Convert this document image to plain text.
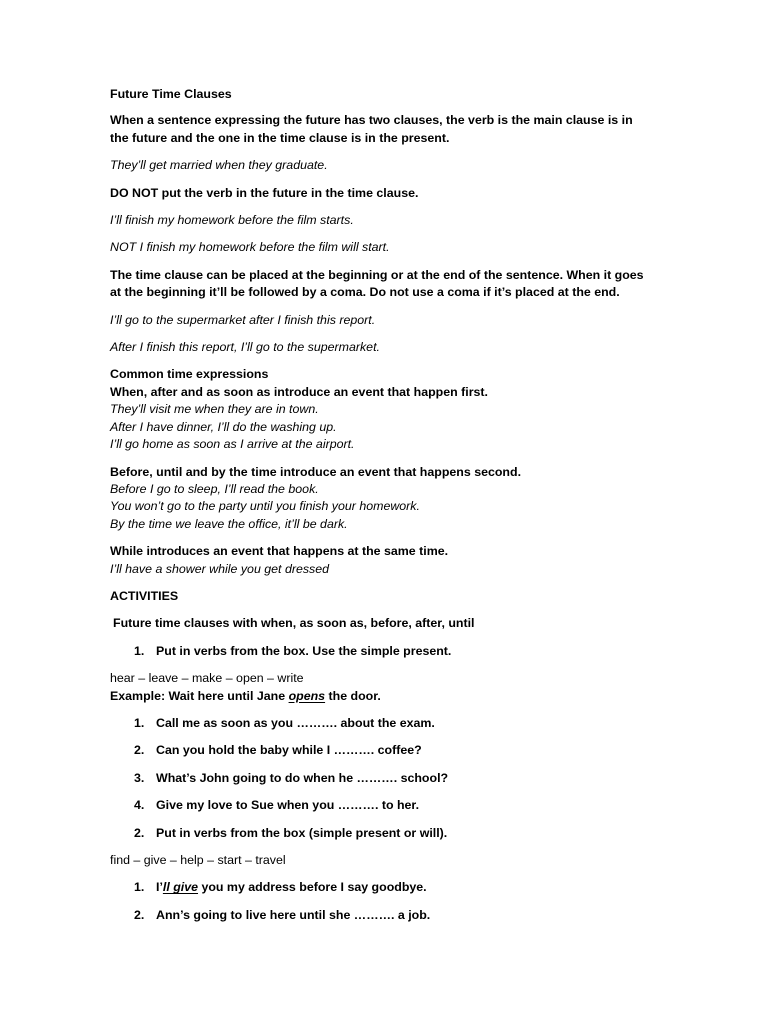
Future Time Clauses

When a sentence expressing the future has two clauses, the verb is the main clause is in the future and the one in the time clause is in the present.

They’ll get married when they graduate.

DO NOT put the verb in the future in the time clause.

I’ll finish my homework before the film starts.

NOT I finish my homework before the film will start.

The time clause can be placed at the beginning or at the end of the sentence. When it goes at the beginning it’ll be followed by a coma. Do not use a coma if it’s placed at the end.

I’ll go to the supermarket after I finish this report.

After I finish this report, I’ll go to the supermarket.

Common time expressions
When, after and as soon as introduce an event that happen first.
They’ll visit me when they are in town.
After I have dinner, I’ll do the washing up.
I’ll go home as soon as I arrive at the airport.

Before, until and by the time introduce an event that happens second.
Before I go to sleep, I’ll read the book.
You won’t go to the party until you finish your homework.
By the time we leave the office, it’ll be dark.

While introduces an event that happens at the same time.
I’ll have a shower while you get dressed

ACTIVITIES

Future time clauses with when, as soon as, before, after, until

1. Put in verbs from the box. Use the simple present.

hear – leave – make – open – write
Example: Wait here until Jane opens the door.

1. Call me as soon as you ………. about the exam.
2. Can you hold the baby while I ………. coffee?
3. What’s John going to do when he ………. school?
4. Give my love to Sue when you ………. to her.
2. Put in verbs from the box (simple present or will).

find – give – help – start – travel

1. I’ll give you my address before I say goodbye.
2. Ann’s going to live here until she ………. a job.
